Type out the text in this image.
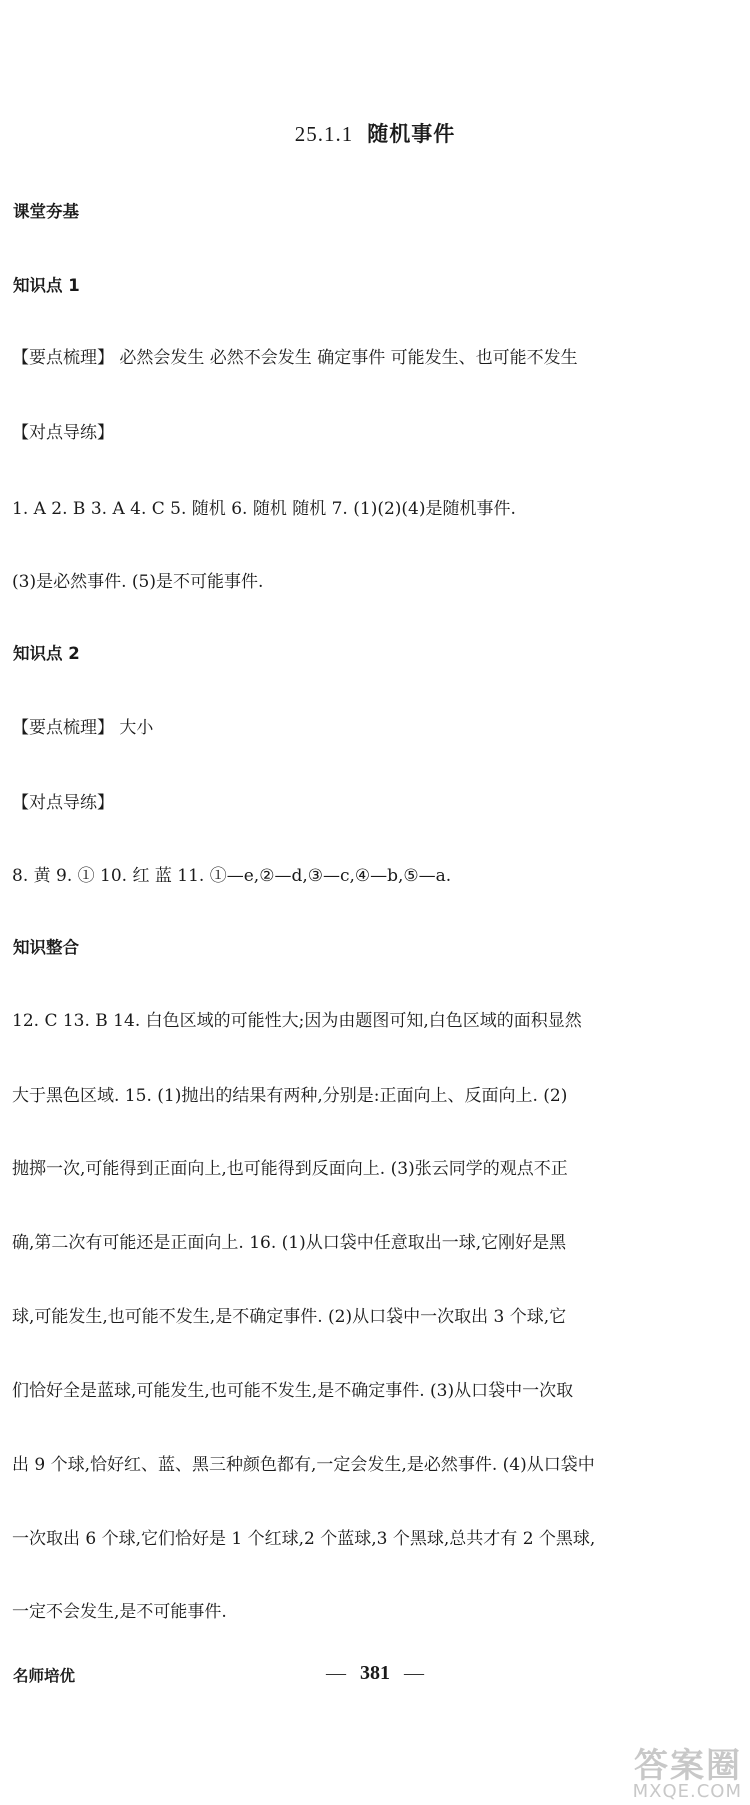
25.1.1 随机事件
课堂夯基
知识点 1
【要点梳理】 必然会发生 必然不会发生 确定事件 可能发生、也可能不发生
【对点导练】
1. A 2. B 3. A 4. C 5. 随机 6. 随机 随机 7. (1)(2)(4)是随机事件.
(3)是必然事件. (5)是不可能事件.
知识点 2
【要点梳理】 大小
【对点导练】
8. 黄 9. ① 10. 红 蓝 11. ①—e,②—d,③—c,④—b,⑤—a.
知识整合
12. C 13. B 14. 白色区域的可能性大;因为由题图可知,白色区域的面积显然
大于黑色区域. 15. (1)抛出的结果有两种,分别是:正面向上、反面向上. (2)
抛掷一次,可能得到正面向上,也可能得到反面向上. (3)张云同学的观点不正
确,第二次有可能还是正面向上. 16. (1)从口袋中任意取出一球,它刚好是黑
球,可能发生,也可能不发生,是不确定事件. (2)从口袋中一次取出 3 个球,它
们恰好全是蓝球,可能发生,也可能不发生,是不确定事件. (3)从口袋中一次取
出 9 个球,恰好红、蓝、黑三种颜色都有,一定会发生,是必然事件. (4)从口袋中
一次取出 6 个球,它们恰好是 1 个红球,2 个蓝球,3 个黑球,总共才有 2 个黑球,
一定不会发生,是不可能事件.
名师培优	— 381 —
答案圈
MXQE.COM
